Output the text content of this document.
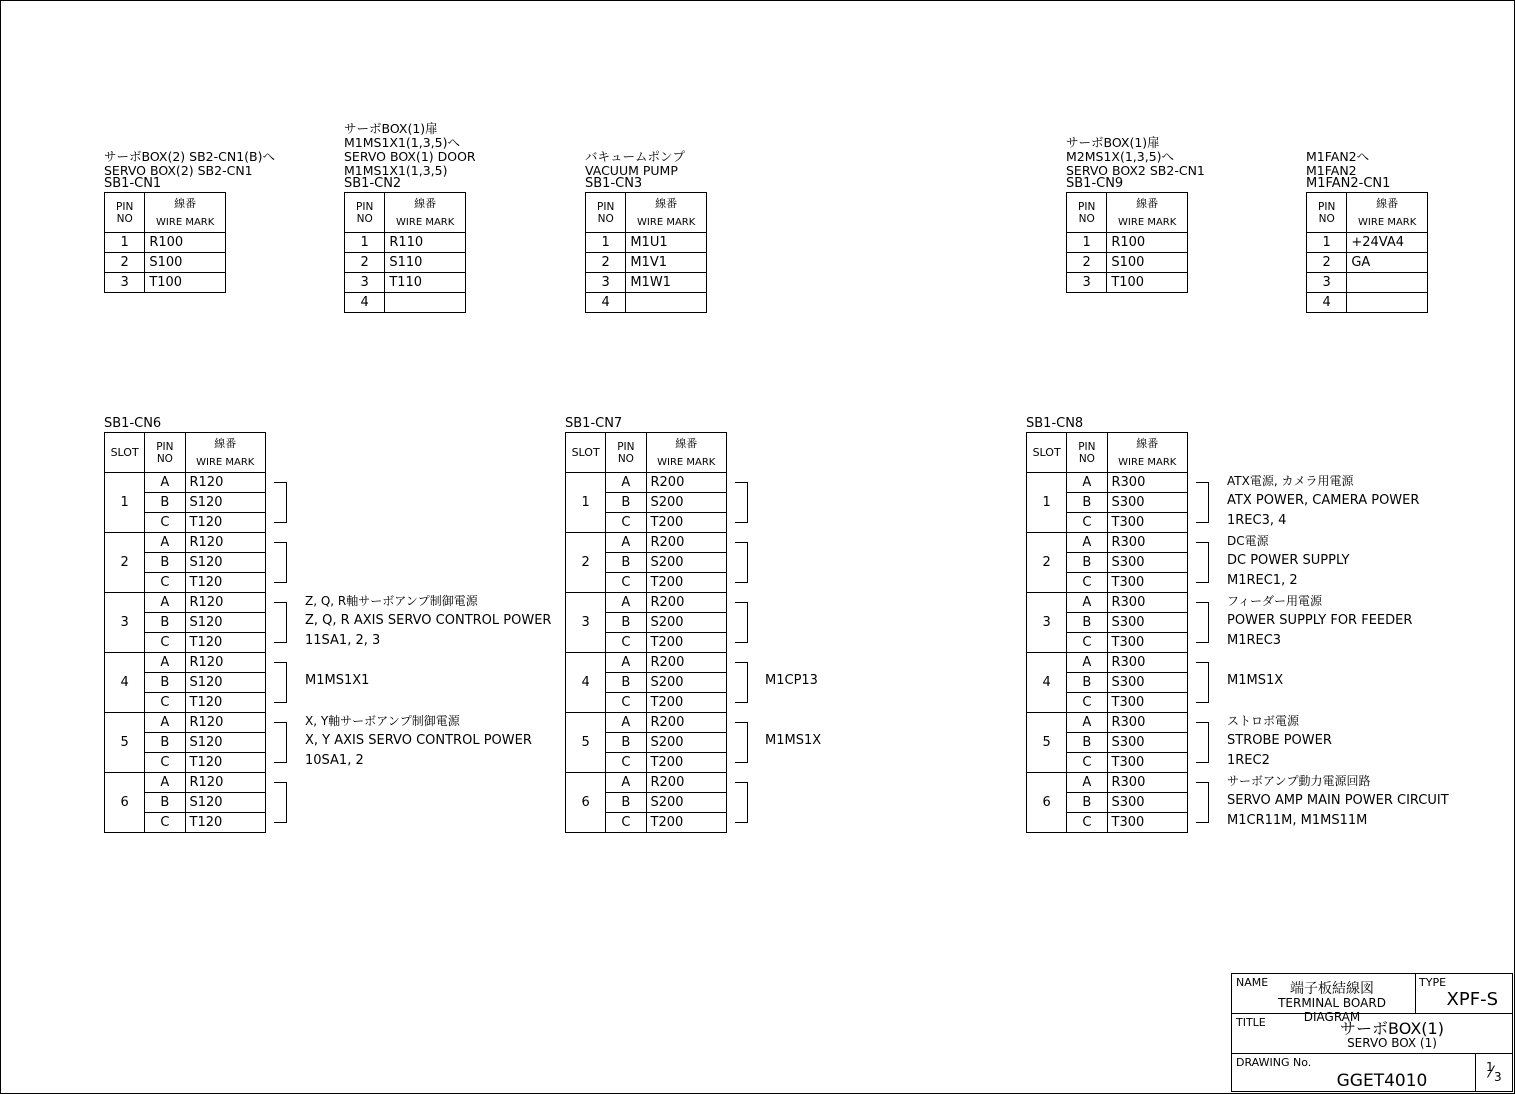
サーボBOX(2) SB2-CN1(B)へ
SERVO BOX(2) SB2-CN1
SB1-CN1
PIN
NO	線番
WIRE MARK

1	R100
2	S100
3	T100
サーボBOX(1)扉
M1MS1X1(1,3,5)へ
SERVO BOX(1) DOOR
M1MS1X1(1,3,5)
SB1-CN2
PIN
NO	線番
WIRE MARK

1	R110
2	S110
3	T110
4	
バキュームポンプ
VACUUM PUMP
SB1-CN3
PIN
NO	線番
WIRE MARK

1	M1U1
2	M1V1
3	M1W1
4	
サーボBOX(1)扉
M2MS1X(1,3,5)へ
SERVO BOX2 SB2-CN1
SB1-CN9
PIN
NO	線番
WIRE MARK

1	R100
2	S100
3	T100
M1FAN2へ
M1FAN2
M1FAN2-CN1
PIN
NO	線番
WIRE MARK

1	+24VA4
2	GA
3	
4	
SB1-CN6
SLOT	PIN
NO	線番
WIRE MARK

1	A	R120
	B	S120
	C	T120
2	A	R120
	B	S120
	C	T120
3	A	R120
	B	S120
	C	T120
4	A	R120
	B	S120
	C	T120
5	A	R120
	B	S120
	C	T120
6	A	R120
	B	S120
	C	T120
Z, Q, R軸サーボアンプ制御電源
Z, Q, R AXIS SERVO CONTROL POWER
11SA1, 2, 3
M1MS1X1
X, Y軸サーボアンプ制御電源
X, Y AXIS SERVO CONTROL POWER
10SA1, 2
SB1-CN7
SLOT	PIN
NO	線番
WIRE MARK

1	A	R200
	B	S200
	C	T200
2	A	R200
	B	S200
	C	T200
3	A	R200
	B	S200
	C	T200
4	A	R200
	B	S200
	C	T200
5	A	R200
	B	S200
	C	T200
6	A	R200
	B	S200
	C	T200
M1CP13
M1MS1X
SB1-CN8
SLOT	PIN
NO	線番
WIRE MARK

1	A	R300
	B	S300
	C	T300
2	A	R300
	B	S300
	C	T300
3	A	R300
	B	S300
	C	T300
4	A	R300
	B	S300
	C	T300
5	A	R300
	B	S300
	C	T300
6	A	R300
	B	S300
	C	T300
ATX電源, カメラ用電源
ATX POWER, CAMERA POWER
1REC3, 4
DC電源
DC POWER SUPPLY
M1REC1, 2
フィーダー用電源
POWER SUPPLY FOR FEEDER
M1REC3
M1MS1X
ストロボ電源
STROBE POWER
1REC2
サーボアンプ動力電源回路
SERVO AMP MAIN POWER CIRCUIT
M1CR11M, M1MS11M
NAME	端子板結線図
TERMINAL BOARD DIAGRAM
TYPE
XPF-S
TITLE	サーボBOX(1)
SERVO BOX (1)
DRAWING No.
GGET4010
1
3
